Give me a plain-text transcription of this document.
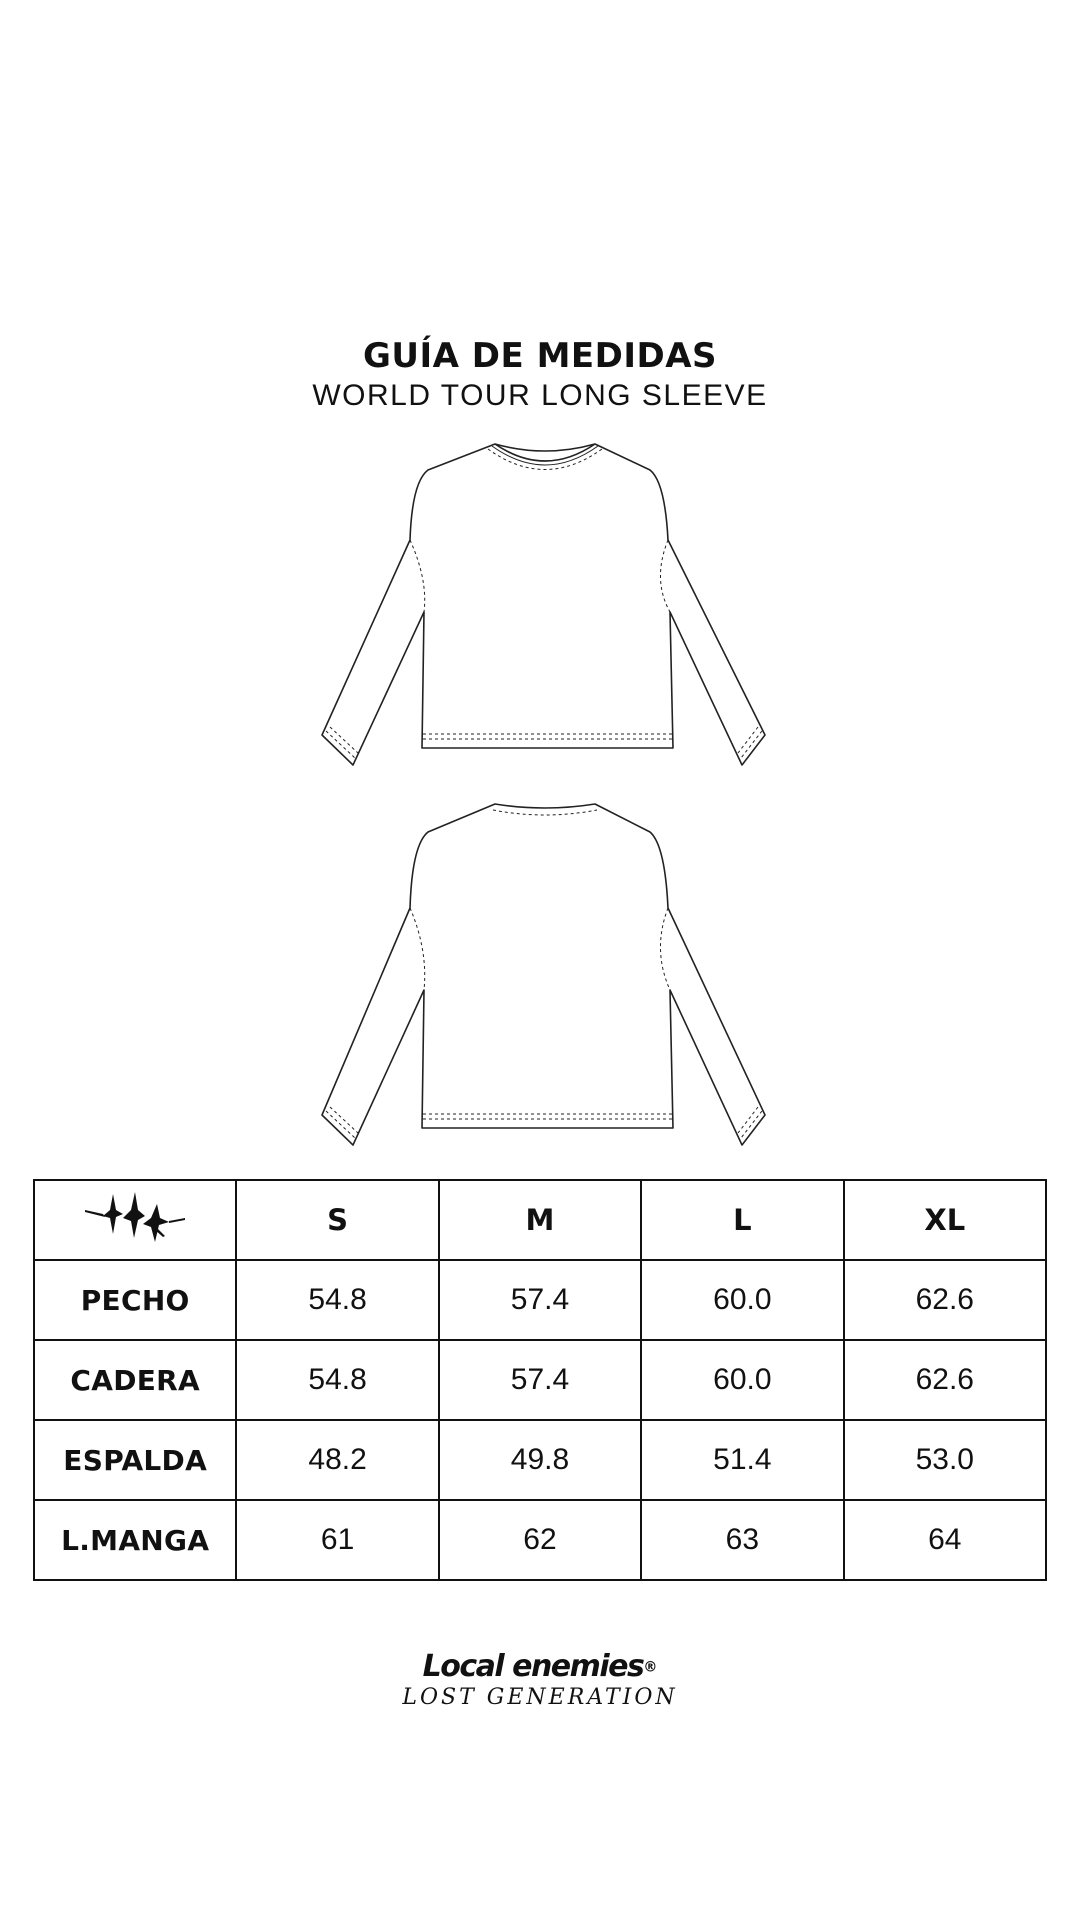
GUÍA DE MEDIDAS
WORLD TOUR LONG SLEEVE
	S	M	L	XL
PECHO	54.8	57.4	60.0	62.6
CADERA	54.8	57.4	60.0	62.6
ESPALDA	48.2	49.8	51.4	53.0
L.MANGA	61	62	63	64
Local enemies®
LOST GENERATION
